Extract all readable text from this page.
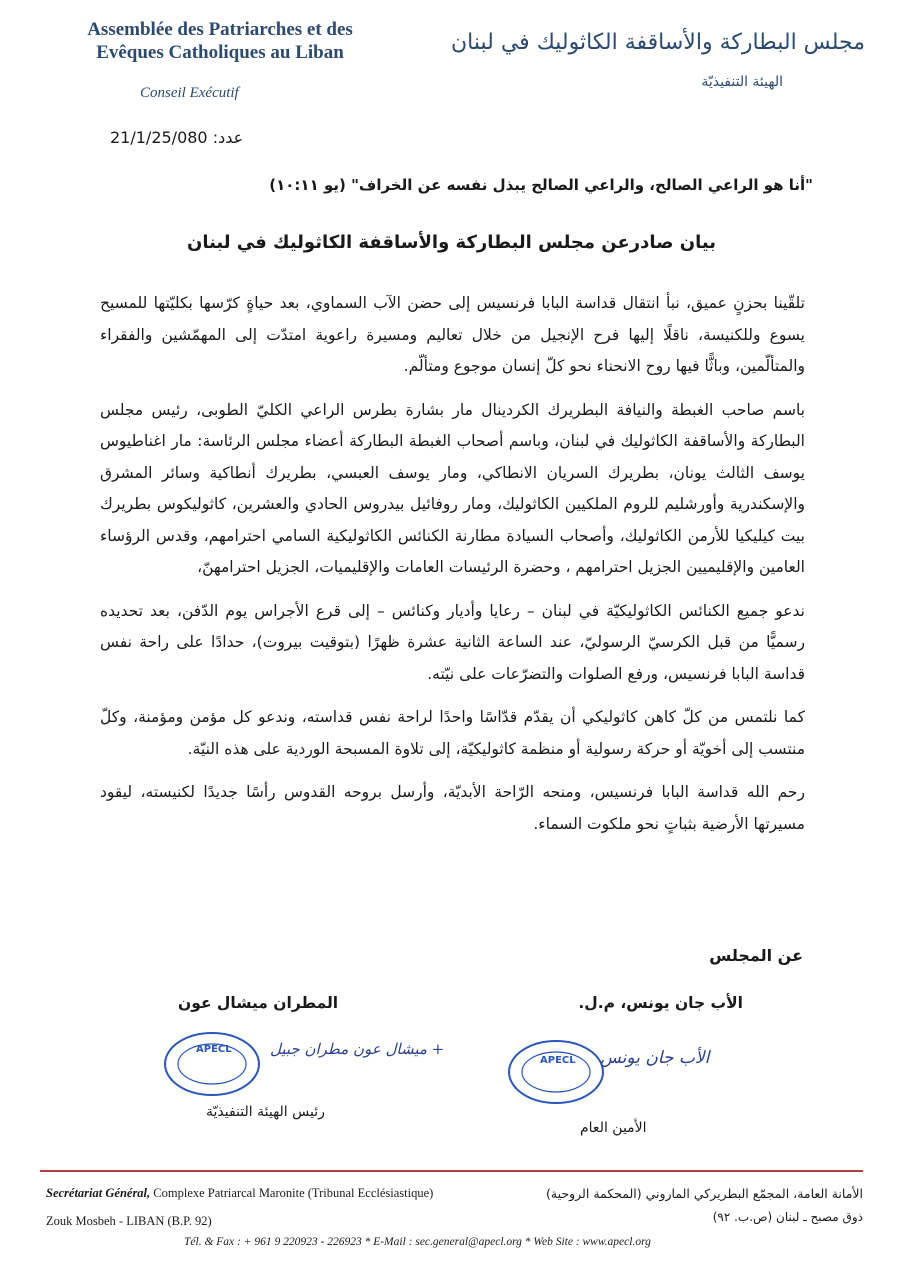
Assemblée des Patriarches et des
Evêques Catholiques au Liban
Conseil Exécutif
مجلس البطاركة والأساقفة الكاثوليك في لبنان
الهيئة التنفيذيّة
عدد: 21/1/25/080
"أنا هو الراعي الصالح، والراعي الصالح يبذل نفسه عن الخراف" (يو ١٠:١١)
بيان صادرعن مجلس البطاركة والأساقفة الكاثوليك في لبنان

تلقّينا بحزنٍ عميق، نبأ انتقال قداسة البابا فرنسيس إلى حضن الآب السماوي، بعد حياةٍ كرّسها بكليّتها للمسيح يسوع وللكنيسة، ناقلًا إليها فرح الإنجيل من خلال تعاليم ومسيرة راعوية امتدّت إلى المهمّشين والفقراء والمتألّمين، وباثًّا فيها روح الانحناء نحو كلّ إنسان موجوع ومتألّم.

باسم صاحب الغبطة والنيافة البطريرك الكردينال مار بشارة بطرس الراعي الكليّ الطوبى، رئيس مجلس البطاركة والأساقفة الكاثوليك في لبنان، وباسم أصحاب الغبطة البطاركة أعضاء مجلس الرئاسة: مار اغناطيوس يوسف الثالث يونان، بطريرك السريان الانطاكي، ومار يوسف العبسي، بطريرك أنطاكية وسائر المشرق والإسكندرية وأورشليم للروم الملكيين الكاثوليك، ومار روفائيل بيدروس الحادي والعشرين، كاثوليكوس بطريرك بيت كيليكيا للأرمن الكاثوليك، وأصحاب السيادة مطارنة الكنائس الكاثوليكية السامي احترامهم، وقدس الرؤساء العامين والإقليميين الجزيل احترامهم ، وحضرة الرئيسات العامات والإقليميات، الجزيل احترامهنّ،

ندعو جميع الكنائس الكاثوليكيّة في لبنان – رعايا وأديار وكنائس – إلى قرع الأجراس يوم الدّفن، بعد تحديده رسميًّا من قبل الكرسيّ الرسوليّ، عند الساعة الثانية عشرة ظهرًا (بتوقيت بيروت)، حدادًا على راحة نفس قداسة البابا فرنسيس، ورفع الصلوات والتضرّعات على نيّته.

كما نلتمس من كلّ كاهن كاثوليكي أن يقدّم قدّاسًا واحدًا لراحة نفس قداسته، وندعو كل مؤمن ومؤمنة، وكلّ منتسب إلى أخويّة أو حركة رسولية أو منظمة كاثوليكيّة، إلى تلاوة المسبحة الوردية على هذه النيّة.

رحم الله قداسة البابا فرنسيس، ومنحه الرّاحة الأبديّة، وأرسل بروحه القدوس رأسًا جديدًا لكنيسته، ليقود مسيرتها الأرضية بثباتٍ نحو ملكوت السماء.

عن المجلس
الأب جان يونس، م.ل.
APECL الأب جان يونس
الأمين العام
المطران ميشال عون
APECL	+ ميشال عون مطران جبيل
رئيس الهيئة التنفيذيّة
Secrétariat Général, Complexe Patriarcal Maronite (Tribunal Ecclésiastique)	الأمانة العامة، المجمّع البطريركي الماروني (المحكمة الروحية)
Zouk Mosbeh - LIBAN (B.P. 92)	ذوق مصبح ـ لبنان (ص.ب. ٩٢)
Tél. & Fax : + 961 9 220923 - 226923 * E-Mail : sec.general@apecl.org * Web Site : www.apecl.org
